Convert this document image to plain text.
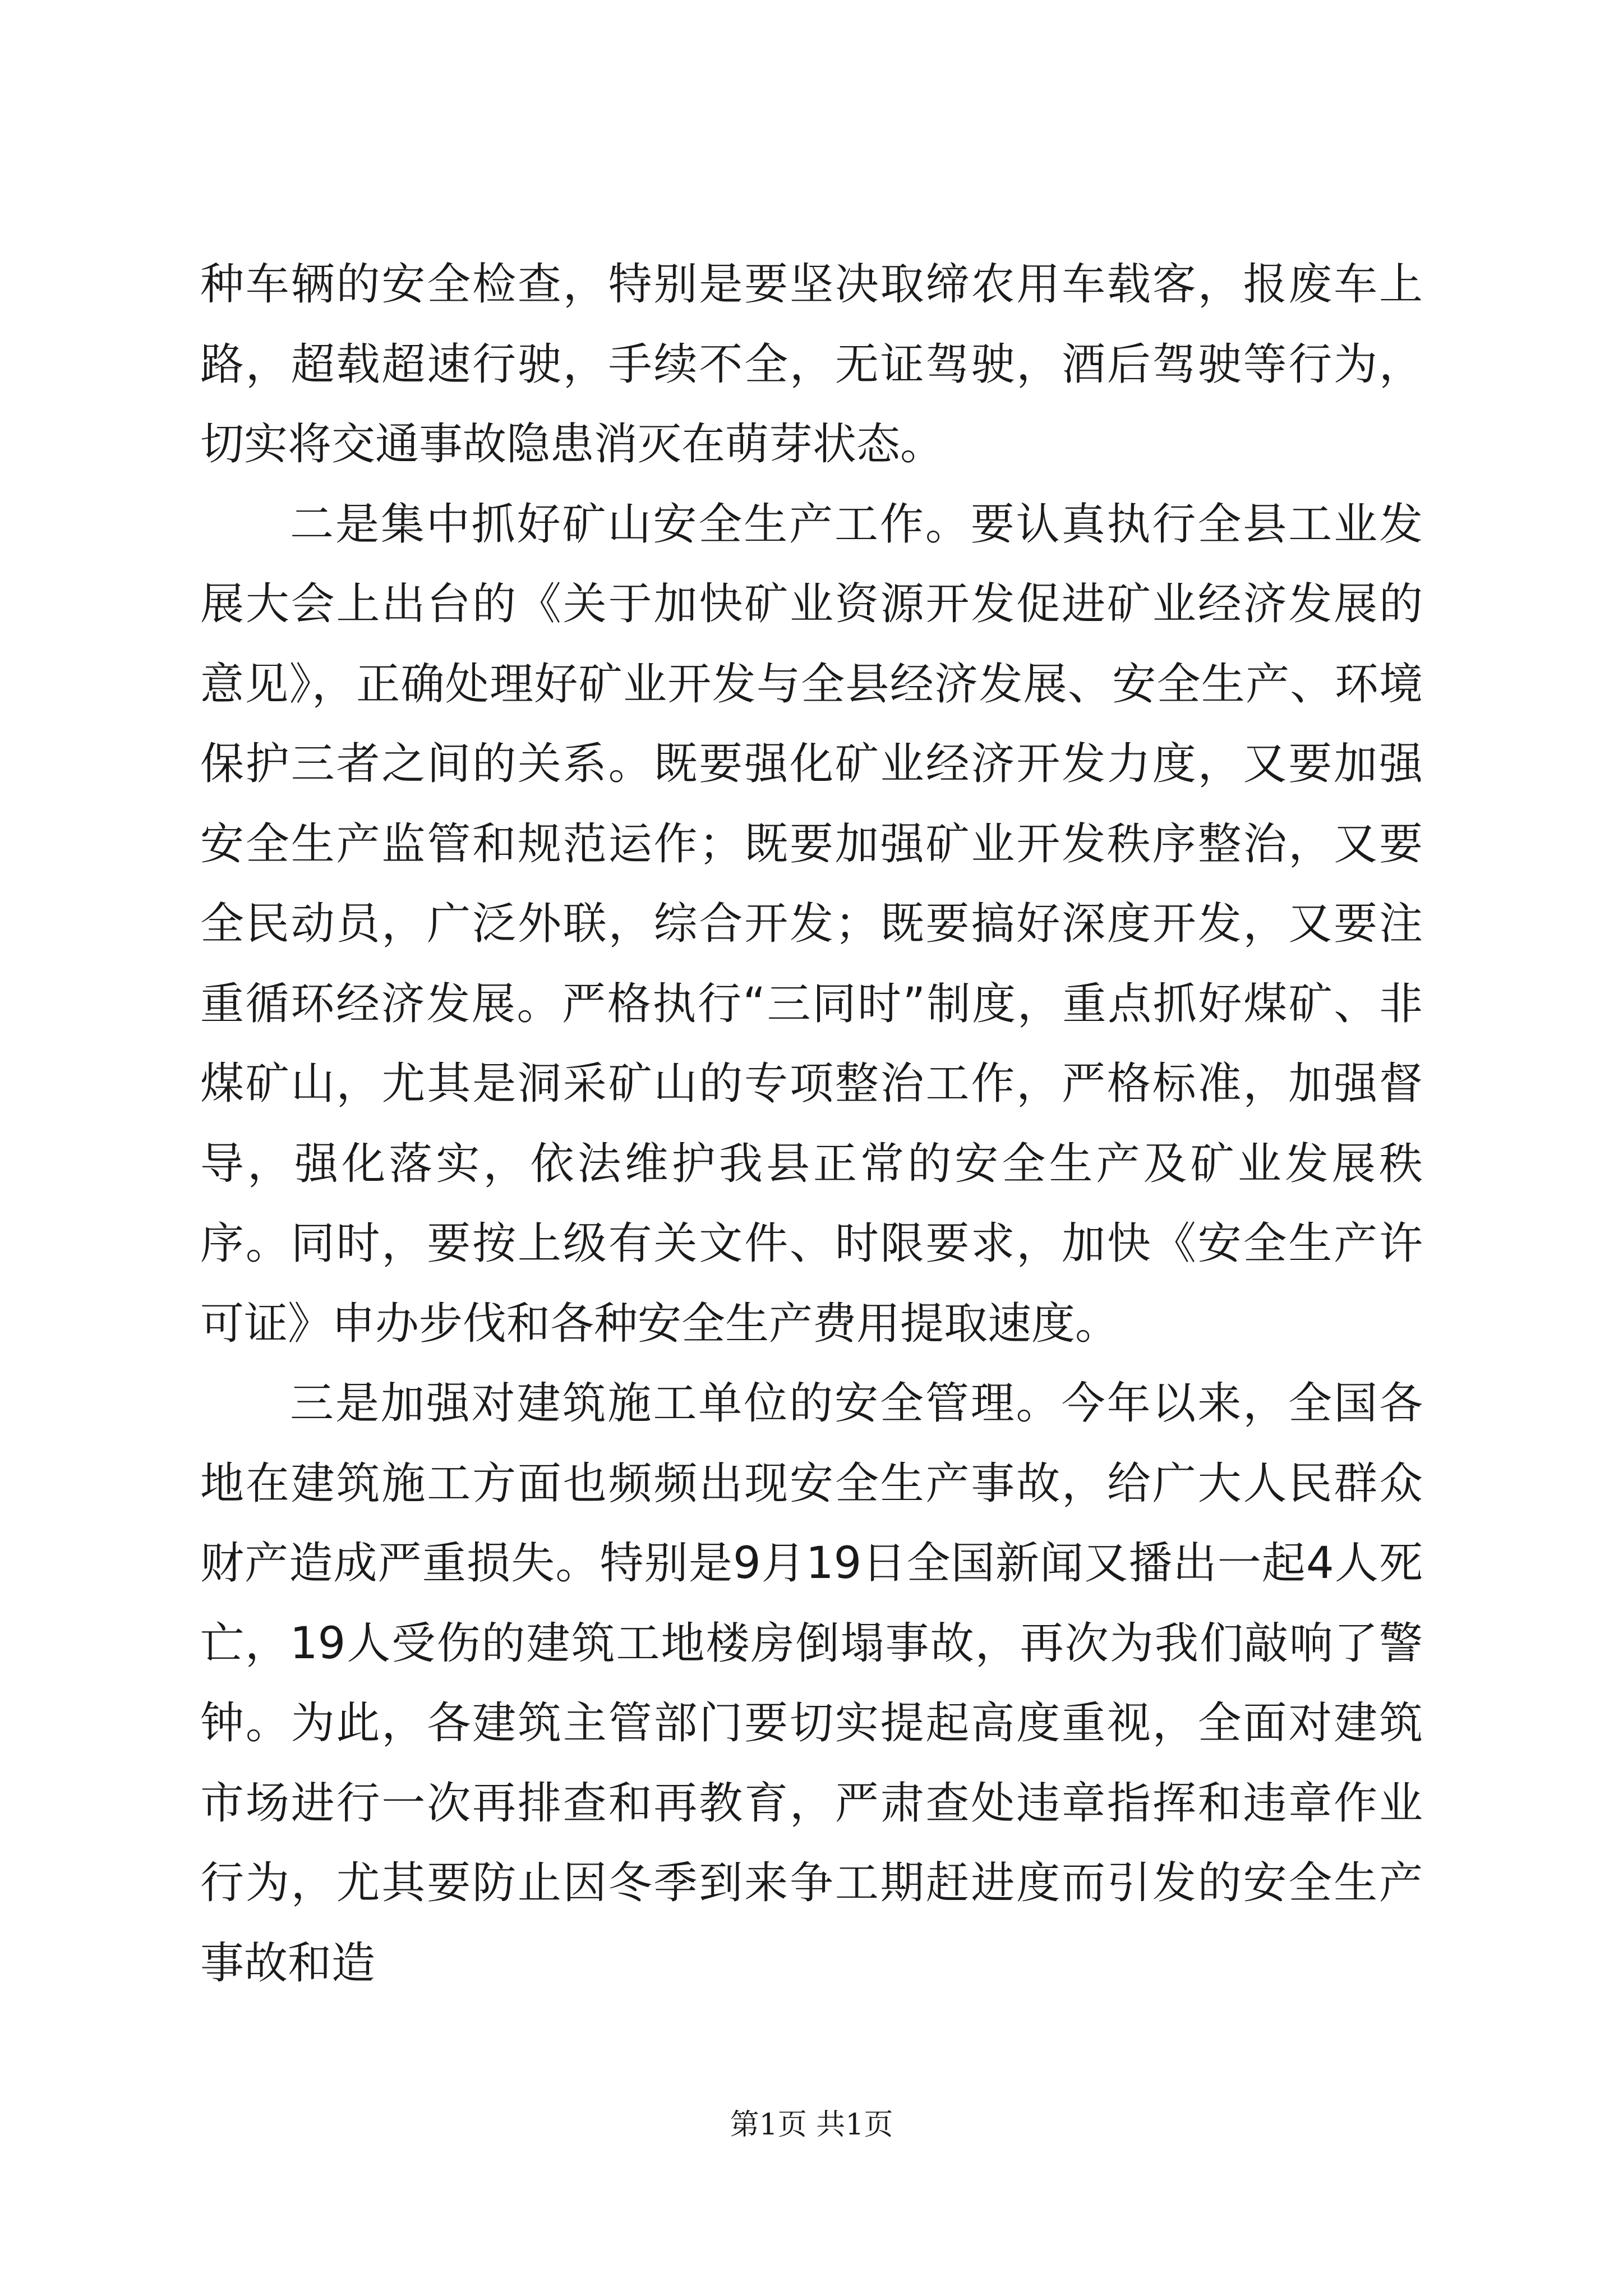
种车辆的安全检查，特别是要坚决取缔农用车载客，报废车上路，超载超速行驶，手续不全，无证驾驶，酒后驾驶等行为，切实将交通事故隐患消灭在萌芽状态。

二是集中抓好矿山安全生产工作。要认真执行全县工业发展大会上出台的《关于加快矿业资源开发促进矿业经济发展的意见》，正确处理好矿业开发与全县经济发展、安全生产、环境保护三者之间的关系。既要强化矿业经济开发力度，又要加强安全生产监管和规范运作；既要加强矿业开发秩序整治，又要全民动员，广泛外联，综合开发；既要搞好深度开发，又要注重循环经济发展。严格执行“三同时”制度，重点抓好煤矿、非煤矿山，尤其是洞采矿山的专项整治工作，严格标准，加强督导，强化落实，依法维护我县正常的安全生产及矿业发展秩序。同时，要按上级有关文件、时限要求，加快《安全生产许可证》申办步伐和各种安全生产费用提取速度。

三是加强对建筑施工单位的安全管理。今年以来，全国各地在建筑施工方面也频频出现安全生产事故，给广大人民群众财产造成严重损失。特别是9月19日全国新闻又播出一起4人死亡，19人受伤的建筑工地楼房倒塌事故，再次为我们敲响了警钟。为此，各建筑主管部门要切实提起高度重视，全面对建筑市场进行一次再排查和再教育，严肃查处违章指挥和违章作业行为，尤其要防止因冬季到来争工期赶进度而引发的安全生产事故和造

第1页 共1页
